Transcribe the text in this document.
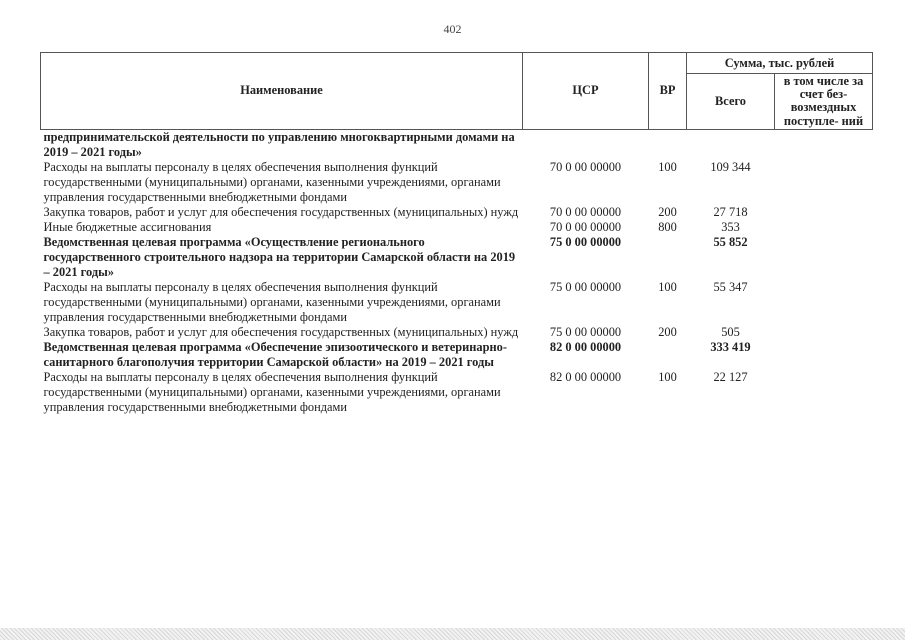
402
Наименование	ЦСР	ВР	Сумма, тыс. рублей	
			Всего	в том числе за счет без- возмездных поступле- ний
предпринимательской деятельности по управлению многоквартирными домами на 2019 – 2021 годы»				
Расходы на выплаты персоналу в целях обеспечения выполнения функций государственными (муниципальными) органами, казенными учреждениями, органами управления государственными внебюджетными фондами	70 0 00 00000	100	109 344	
Закупка товаров, работ и услуг для обеспечения государственных (муниципальных) нужд	70 0 00 00000	200	27 718	
Иные бюджетные ассигнования	70 0 00 00000	800	353	
Ведомственная целевая программа «Осуществление регионального государственного строительного надзора на территории Самарской области на 2019 – 2021 годы»	75 0 00 00000		55 852	
Расходы на выплаты персоналу в целях обеспечения выполнения функций государственными (муниципальными) органами, казенными учреждениями, органами управления государственными внебюджетными фондами	75 0 00 00000	100	55 347	
Закупка товаров, работ и услуг для обеспечения государственных (муниципальных) нужд	75 0 00 00000	200	505	
Ведомственная целевая программа «Обеспечение эпизоотического и ветеринарно-санитарного благополучия территории Самарской области» на 2019 – 2021 годы	82 0 00 00000		333 419	
Расходы на выплаты персоналу в целях обеспечения выполнения функций государственными (муниципальными) органами, казенными учреждениями, органами управления государственными внебюджетными фондами	82 0 00 00000	100	22 127	
